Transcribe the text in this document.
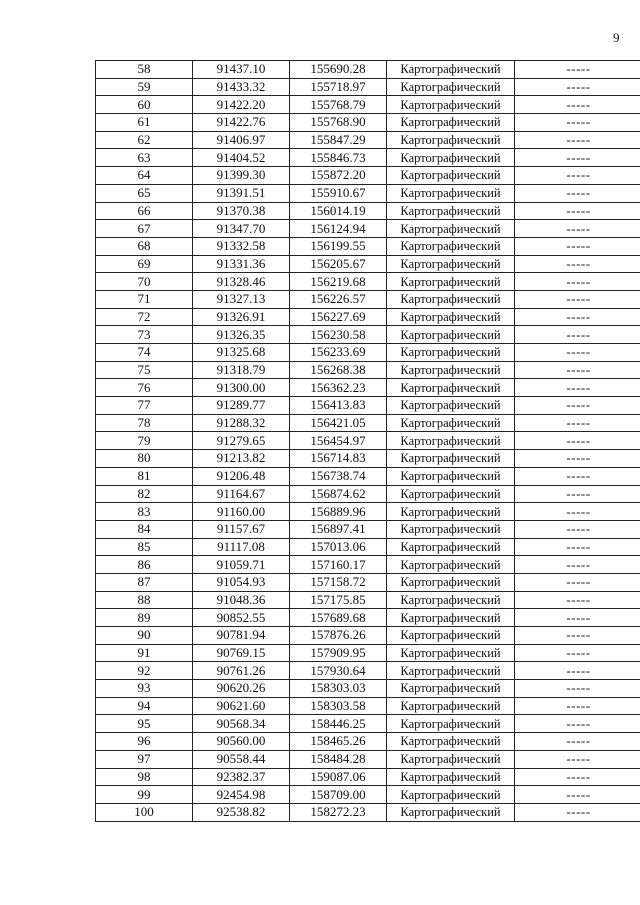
9
58	91437.10	155690.28	Картографический	-----
59	91433.32	155718.97	Картографический	-----
60	91422.20	155768.79	Картографический	-----
61	91422.76	155768.90	Картографический	-----
62	91406.97	155847.29	Картографический	-----
63	91404.52	155846.73	Картографический	-----
64	91399.30	155872.20	Картографический	-----
65	91391.51	155910.67	Картографический	-----
66	91370.38	156014.19	Картографический	-----
67	91347.70	156124.94	Картографический	-----
68	91332.58	156199.55	Картографический	-----
69	91331.36	156205.67	Картографический	-----
70	91328.46	156219.68	Картографический	-----
71	91327.13	156226.57	Картографический	-----
72	91326.91	156227.69	Картографический	-----
73	91326.35	156230.58	Картографический	-----
74	91325.68	156233.69	Картографический	-----
75	91318.79	156268.38	Картографический	-----
76	91300.00	156362.23	Картографический	-----
77	91289.77	156413.83	Картографический	-----
78	91288.32	156421.05	Картографический	-----
79	91279.65	156454.97	Картографический	-----
80	91213.82	156714.83	Картографический	-----
81	91206.48	156738.74	Картографический	-----
82	91164.67	156874.62	Картографический	-----
83	91160.00	156889.96	Картографический	-----
84	91157.67	156897.41	Картографический	-----
85	91117.08	157013.06	Картографический	-----
86	91059.71	157160.17	Картографический	-----
87	91054.93	157158.72	Картографический	-----
88	91048.36	157175.85	Картографический	-----
89	90852.55	157689.68	Картографический	-----
90	90781.94	157876.26	Картографический	-----
91	90769.15	157909.95	Картографический	-----
92	90761.26	157930.64	Картографический	-----
93	90620.26	158303.03	Картографический	-----
94	90621.60	158303.58	Картографический	-----
95	90568.34	158446.25	Картографический	-----
96	90560.00	158465.26	Картографический	-----
97	90558.44	158484.28	Картографический	-----
98	92382.37	159087.06	Картографический	-----
99	92454.98	158709.00	Картографический	-----
100	92538.82	158272.23	Картографический	-----
